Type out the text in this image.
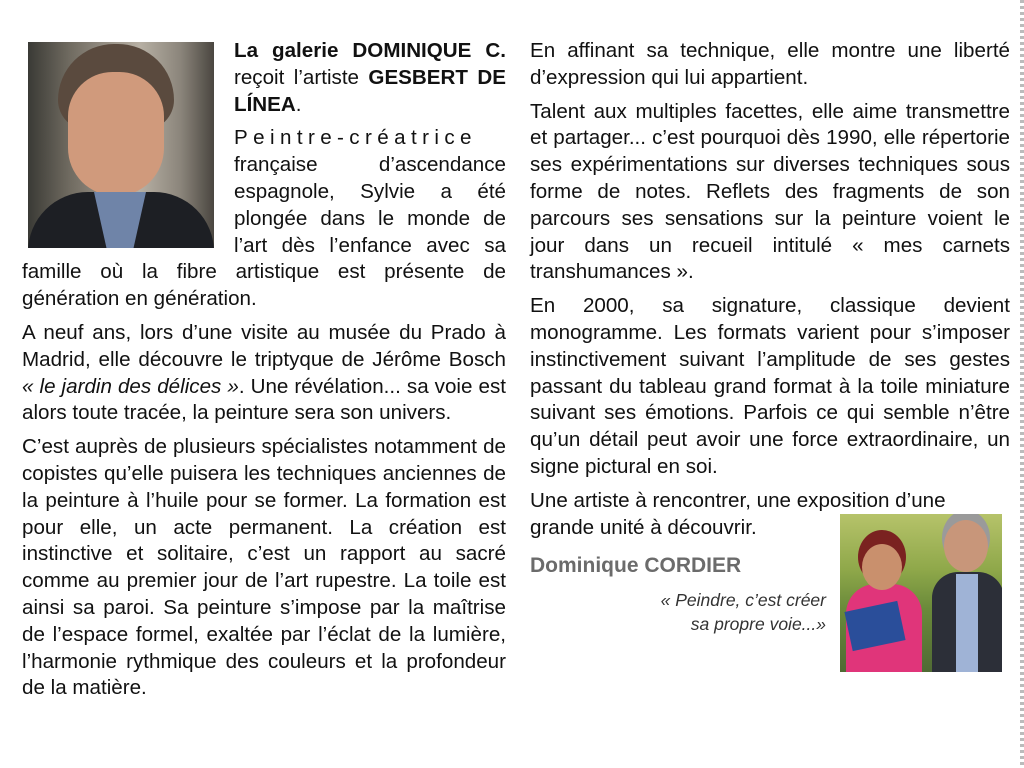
La galerie DOMINIQUE C. reçoit l’artiste GESBERT DE LÍNEA.

Peintre-créatrice française d’ascendance espagnole, Sylvie a été plongée dans le monde de l’art dès l’enfance avec sa famille où la fibre artistique est présente de génération en génération.

A neuf ans, lors d’une visite au musée du Prado à Madrid, elle découvre le triptyque de Jérôme Bosch « le jardin des délices ». Une révélation... sa voie est alors toute tracée, la peinture sera son univers.

C’est auprès de plusieurs spécialistes notamment de copistes qu’elle puisera les techniques anciennes de la peinture à l’huile pour se former. La formation est pour elle, un acte permanent. La création est instinctive et solitaire, c’est un rapport au sacré comme au premier jour de l’art rupestre. La toile est ainsi sa paroi. Sa peinture s’impose par la maîtrise de l’espace formel, exaltée par l’éclat de la lumière, l’harmonie rythmique des couleurs et la profondeur de la matière.

En affinant sa technique, elle montre une liberté d’expression qui lui appartient.

Talent aux multiples facettes, elle aime transmettre et partager... c’est pourquoi dès 1990, elle répertorie ses expérimentations sur diverses techniques sous forme de notes. Reflets des fragments de son parcours ses sensations sur la peinture voient le jour dans un recueil intitulé « mes carnets transhumances ».

En 2000, sa signature, classique devient monogramme. Les formats varient pour s’imposer instinctivement suivant l’amplitude de ses gestes passant du tableau grand format à la toile miniature suivant ses émotions. Parfois ce qui semble n’être qu’un détail peut avoir une force extraordinaire, un signe pictural en soi.

Une artiste à rencontrer, une exposition d’une
grande unité à découvrir.
Dominique CORDIER
« Peindre, c’est créer
sa propre voie...»
